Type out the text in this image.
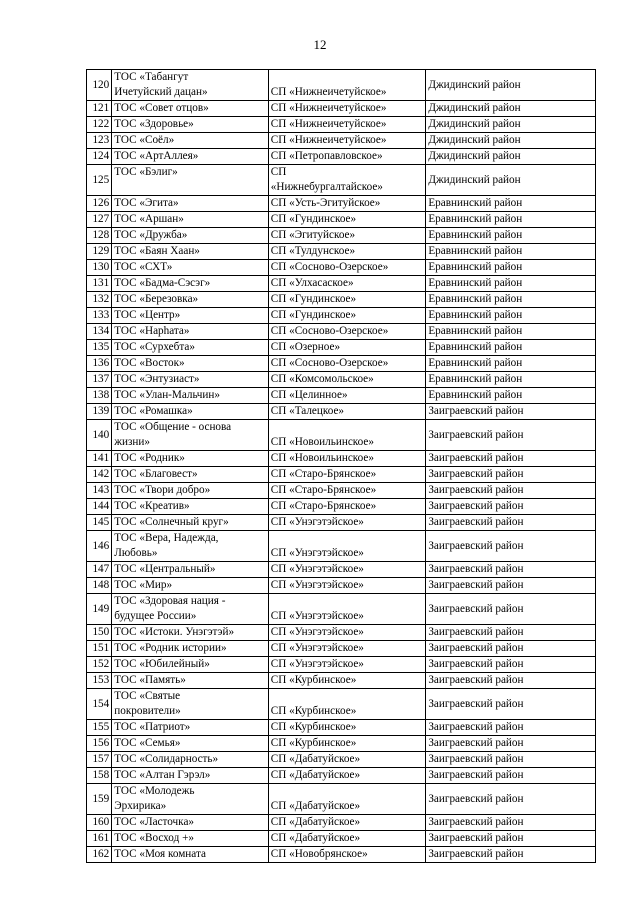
12
120	ТОС «Табангут
Ичетуйский дацан»	СП «Нижнеичетуйское»	Джидинский район
121	ТОС «Совет отцов»	СП «Нижнеичетуйское»	Джидинский район
122	ТОС «Здоровье»	СП «Нижнеичетуйское»	Джидинский район
123	ТОС «Соёл»	СП «Нижнеичетуйское»	Джидинский район
124	ТОС «АртАллея»	СП «Петропавловское»	Джидинский район
125	ТОС «Бэлиг»	СП
«Нижнебургалтайское»	Джидинский район
126	ТОС «Эгита»	СП «Усть-Эгитуйское»	Еравнинский район
127	ТОС «Аршан»	СП «Гундинское»	Еравнинский район
128	ТОС «Дружба»	СП «Эгитуйское»	Еравнинский район
129	ТОС «Баян Хаан»	СП «Тулдунское»	Еравнинский район
130	ТОС «СХТ»	СП «Сосново-Озерское»	Еравнинский район
131	ТОС «Бадма-Сэсэг»	СП «Улхасаское»	Еравнинский район
132	ТОС «Березовка»	СП «Гундинское»	Еравнинский район
133	ТОС «Центр»	СП «Гундинское»	Еравнинский район
134	ТОС «Нарhата»	СП «Сосново-Озерское»	Еравнинский район
135	ТОС «Сурхебта»	СП «Озерное»	Еравнинский район
136	ТОС «Восток»	СП «Сосново-Озерское»	Еравнинский район
137	ТОС «Энтузиаст»	СП «Комсомольское»	Еравнинский район
138	ТОС «Улан-Мальчин»	СП «Целинное»	Еравнинский район
139	ТОС «Ромашка»	СП «Талецкое»	Заиграевский район
140	ТОС «Общение - основа
жизни»	СП «Новоильинское»	Заиграевский район
141	ТОС «Родник»	СП «Новоильинское»	Заиграевский район
142	ТОС «Благовест»	СП «Старо-Брянское»	Заиграевский район
143	ТОС «Твори добро»	СП «Старо-Брянское»	Заиграевский район
144	ТОС «Креатив»	СП «Старо-Брянское»	Заиграевский район
145	ТОС «Солнечный круг»	СП «Унэгэтэйское»	Заиграевский район
146	ТОС «Вера, Надежда,
Любовь»	СП «Унэгэтэйское»	Заиграевский район
147	ТОС «Центральный»	СП «Унэгэтэйское»	Заиграевский район
148	ТОС «Мир»	СП «Унэгэтэйское»	Заиграевский район
149	ТОС «Здоровая нация -
будущее России»	СП «Унэгэтэйское»	Заиграевский район
150	ТОС «Истоки. Унэгэтэй»	СП «Унэгэтэйское»	Заиграевский район
151	ТОС «Родник истории»	СП «Унэгэтэйское»	Заиграевский район
152	ТОС «Юбилейный»	СП «Унэгэтэйское»	Заиграевский район
153	ТОС «Память»	СП «Курбинское»	Заиграевский район
154	ТОС «Святые
покровители»	СП «Курбинское»	Заиграевский район
155	ТОС «Патриот»	СП «Курбинское»	Заиграевский район
156	ТОС «Семья»	СП «Курбинское»	Заиграевский район
157	ТОС «Солидарность»	СП «Дабатуйское»	Заиграевский район
158	ТОС «Алтан Гэрэл»	СП «Дабатуйское»	Заиграевский район
159	ТОС «Молодежь
Эрхирика»	СП «Дабатуйское»	Заиграевский район
160	ТОС «Ласточка»	СП «Дабатуйское»	Заиграевский район
161	ТОС «Восход +»	СП «Дабатуйское»	Заиграевский район
162	ТОС «Моя комната	СП «Новобрянское»	Заиграевский район
